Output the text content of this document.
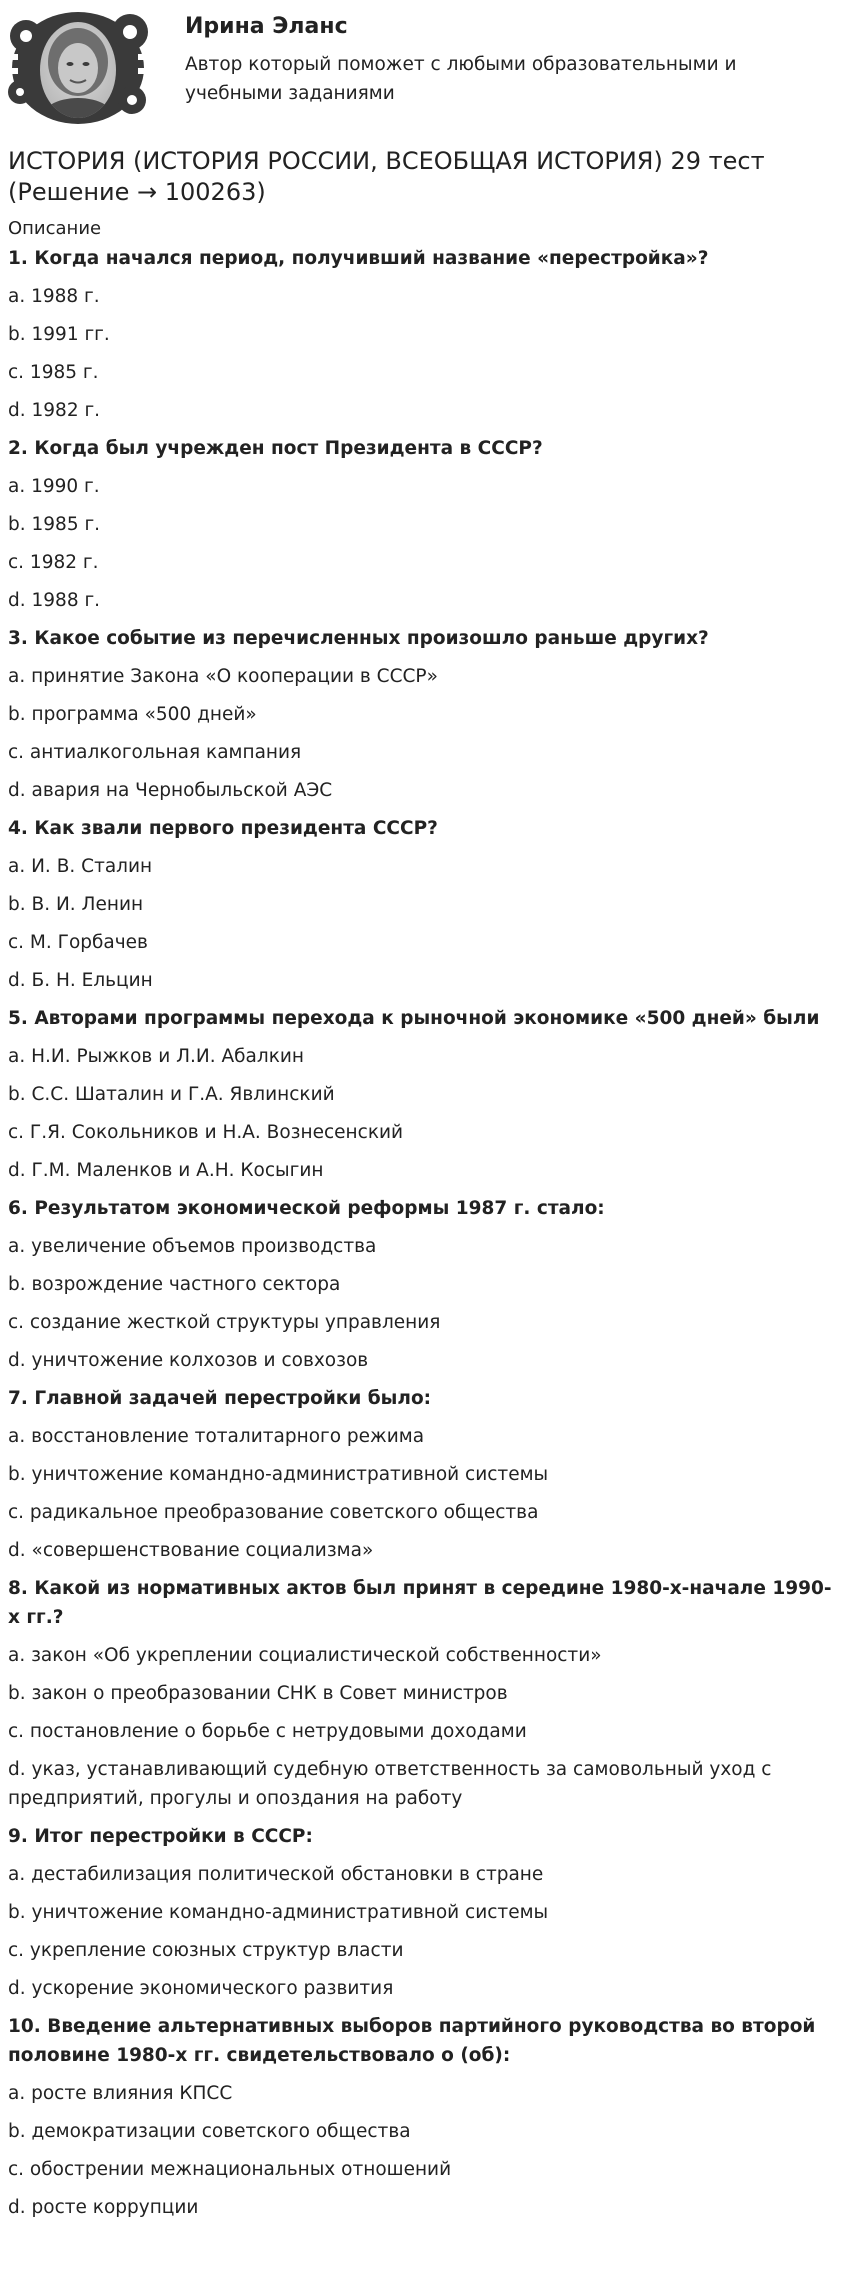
Ирина Эланс
Автор который поможет с любыми образовательными и учебными заданиями
ИСТОРИЯ (ИСТОРИЯ РОССИИ, ВСЕОБЩАЯ ИСТОРИЯ) 29 тест (Решение → 100263)
Описание
1. Когда начался период, получивший название «перестройка»?
a. 1988 г.
b. 1991 гг.
c. 1985 г.
d. 1982 г.
2. Когда был учрежден пост Президента в СССР?
a. 1990 г.
b. 1985 г.
c. 1982 г.
d. 1988 г.
3. Какое событие из перечисленных произошло раньше других?
a. принятие Закона «О кооперации в СССР»
b. программа «500 дней»
c. антиалкогольная кампания
d. авария на Чернобыльской АЭС
4. Как звали первого президента СССР?
a. И. В. Сталин
b. В. И. Ленин
c. М. Горбачев
d. Б. Н. Ельцин
5. Авторами программы перехода к рыночной экономике «500 дней» были
a. Н.И. Рыжков и Л.И. Абалкин
b. С.С. Шаталин и Г.А. Явлинский
c. Г.Я. Сокольников и Н.А. Вознесенский
d. Г.М. Маленков и А.Н. Косыгин
6. Результатом экономической реформы 1987 г. стало:
a. увеличение объемов производства
b. возрождение частного сектора
c. создание жесткой структуры управления
d. уничтожение колхозов и совхозов
7. Главной задачей перестройки было:
a. восстановление тоталитарного режима
b. уничтожение командно-административной системы
c. радикальное преобразование советского общества
d. «совершенствование социализма»
8. Какой из нормативных актов был принят в середине 1980-х-начале 1990-х гг.?
a. закон «Об укреплении социалистической собственности»
b. закон о преобразовании СНК в Совет министров
c. постановление о борьбе с нетрудовыми доходами
d. указ, устанавливающий судебную ответственность за самовольный уход с предприятий, прогулы и опоздания на работу
9. Итог перестройки в СССР:
a. дестабилизация политической обстановки в стране
b. уничтожение командно-административной системы
c. укрепление союзных структур власти
d. ускорение экономического развития
10. Введение альтернативных выборов партийного руководства во второй половине 1980-х гг. свидетельствовало о (об):
a. росте влияния КПСС
b. демократизации советского общества
c. обострении межнациональных отношений
d. росте коррупции
